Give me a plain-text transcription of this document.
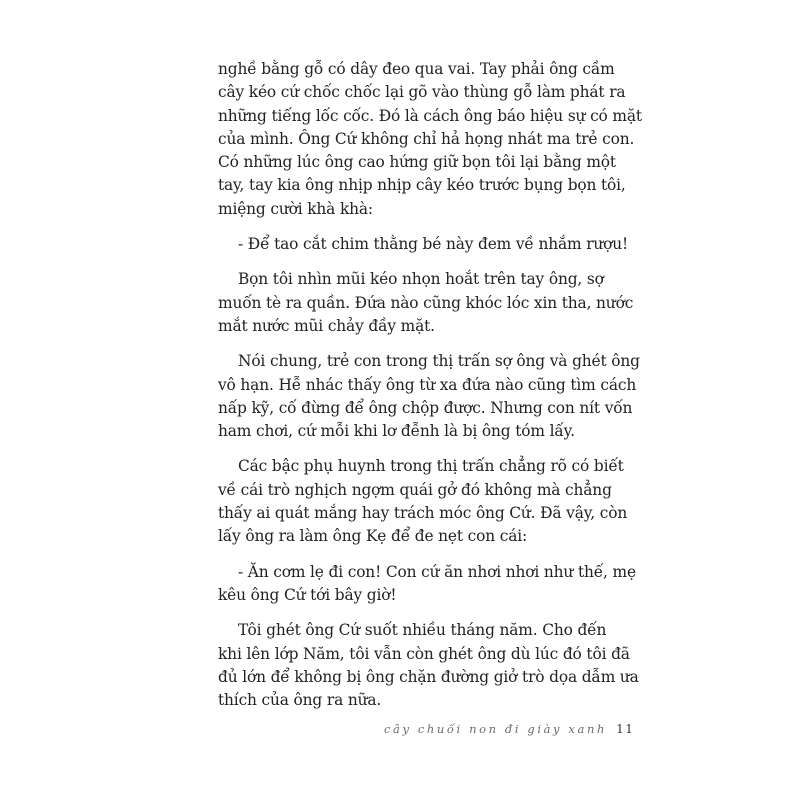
nghề bằng gỗ có dây đeo qua vai. Tay phải ông cầm
cây kéo cứ chốc chốc lại gõ vào thùng gỗ làm phát ra
những tiếng lốc cốc. Đó là cách ông báo hiệu sự có mặt
của mình. Ông Cứ không chỉ hả họng nhát ma trẻ con.
Có những lúc ông cao hứng giữ bọn tôi lại bằng một
tay, tay kia ông nhịp nhịp cây kéo trước bụng bọn tôi,
miệng cười khà khà:
- Để tao cắt chim thằng bé này đem về nhắm rượu!
Bọn tôi nhìn mũi kéo nhọn hoắt trên tay ông, sợ
muốn tè ra quần. Đứa nào cũng khóc lóc xin tha, nước
mắt nước mũi chảy đầy mặt.
Nói chung, trẻ con trong thị trấn sợ ông và ghét ông
vô hạn. Hễ nhác thấy ông từ xa đứa nào cũng tìm cách
nấp kỹ, cố đừng để ông chộp được. Nhưng con nít vốn
ham chơi, cứ mỗi khi lơ đễnh là bị ông tóm lấy.
Các bậc phụ huynh trong thị trấn chẳng rõ có biết
về cái trò nghịch ngợm quái gở đó không mà chẳng
thấy ai quát mắng hay trách móc ông Cứ. Đã vậy, còn
lấy ông ra làm ông Kẹ để đe nẹt con cái:
- Ăn cơm lẹ đi con! Con cứ ăn nhơi nhơi như thế, mẹ
kêu ông Cứ tới bây giờ!
Tôi ghét ông Cứ suốt nhiều tháng năm. Cho đến
khi lên lớp Năm, tôi vẫn còn ghét ông dù lúc đó tôi đã
đủ lớn để không bị ông chặn đường giở trò dọa dẫm ưa
thích của ông ra nữa.
cây chuối non đi giày xanh 11
